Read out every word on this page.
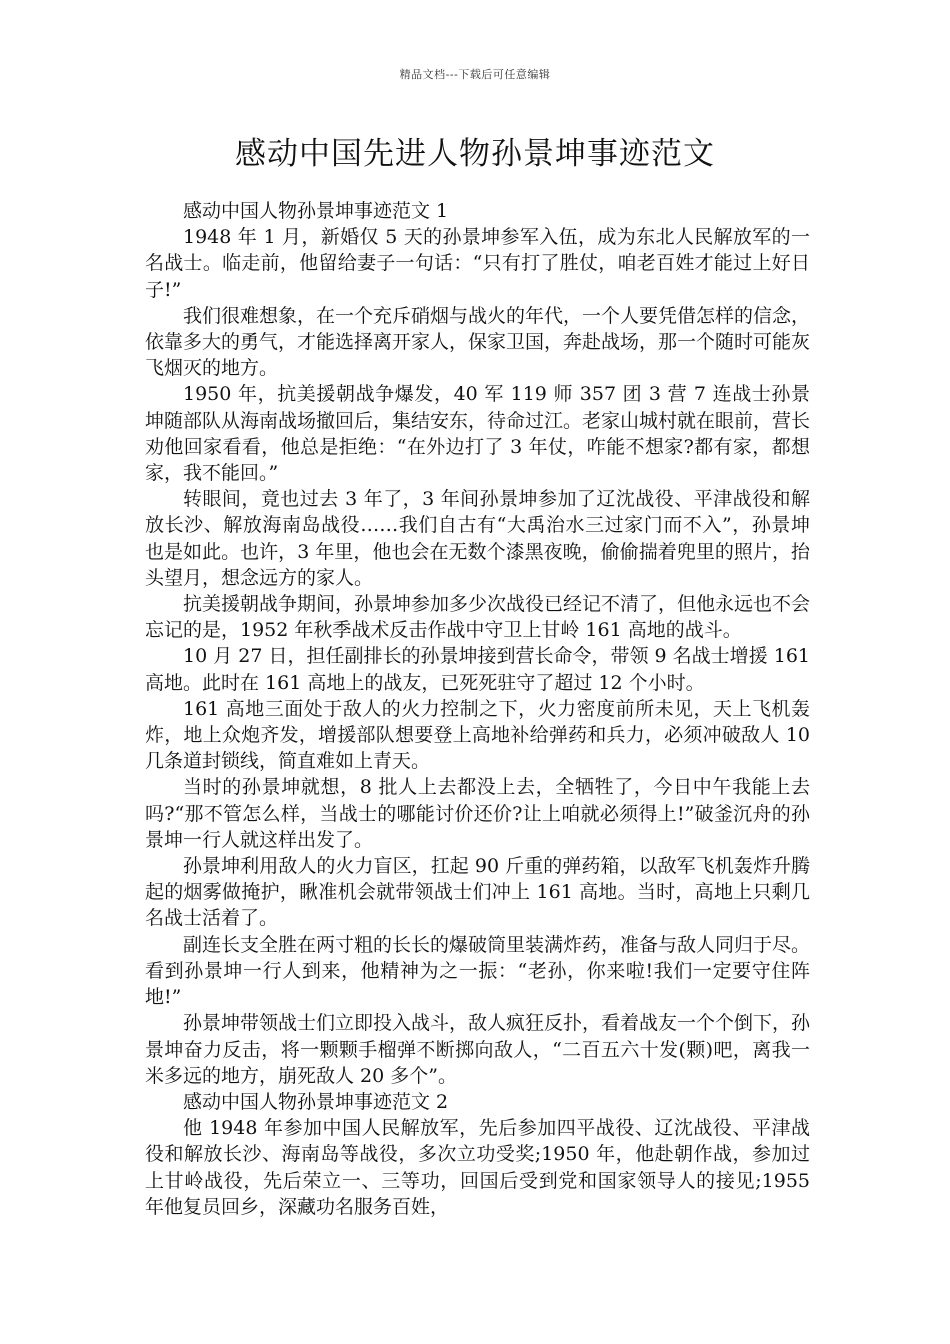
精品文档---下载后可任意编辑
感动中国先进人物孙景坤事迹范文

感动中国人物孙景坤事迹范文 1

1948 年 1 月，新婚仅 5 天的孙景坤参军入伍，成为东北人民解放军的一名战士。临走前，他留给妻子一句话：“只有打了胜仗，咱老百姓才能过上好日子!”

我们很难想象，在一个充斥硝烟与战火的年代，一个人要凭借怎样的信念，依靠多大的勇气，才能选择离开家人，保家卫国，奔赴战场，那一个随时可能灰飞烟灭的地方。

1950 年，抗美援朝战争爆发，40 军 119 师 357 团 3 营 7 连战士孙景坤随部队从海南战场撤回后，集结安东，待命过江。老家山城村就在眼前，营长劝他回家看看，他总是拒绝：“在外边打了 3 年仗，咋能不想家?都有家，都想家，我不能回。”

转眼间，竟也过去 3 年了，3 年间孙景坤参加了辽沈战役、平津战役和解放长沙、解放海南岛战役……我们自古有“大禹治水三过家门而不入”，孙景坤也是如此。也许，3 年里，他也会在无数个漆黑夜晚，偷偷揣着兜里的照片，抬头望月，想念远方的家人。

抗美援朝战争期间，孙景坤参加多少次战役已经记不清了，但他永远也不会忘记的是，1952 年秋季战术反击作战中守卫上甘岭 161 高地的战斗。

10 月 27 日，担任副排长的孙景坤接到营长命令，带领 9 名战士增援 161 高地。此时在 161 高地上的战友，已死死驻守了超过 12 个小时。

161 高地三面处于敌人的火力控制之下，火力密度前所未见，天上飞机轰炸，地上众炮齐发，增援部队想要登上高地补给弹药和兵力，必须冲破敌人 10 几条道封锁线，简直难如上青天。

当时的孙景坤就想，8 批人上去都没上去，全牺牲了，今日中午我能上去吗?“那不管怎么样，当战士的哪能讨价还价?让上咱就必须得上!”破釜沉舟的孙景坤一行人就这样出发了。

孙景坤利用敌人的火力盲区，扛起 90 斤重的弹药箱，以敌军飞机轰炸升腾起的烟雾做掩护，瞅准机会就带领战士们冲上 161 高地。当时，高地上只剩几名战士活着了。

副连长支全胜在两寸粗的长长的爆破筒里装满炸药，准备与敌人同归于尽。看到孙景坤一行人到来，他精神为之一振：“老孙，你来啦!我们一定要守住阵地!”

孙景坤带领战士们立即投入战斗，敌人疯狂反扑，看着战友一个个倒下，孙景坤奋力反击，将一颗颗手榴弹不断掷向敌人，“二百五六十发(颗)吧，离我一米多远的地方，崩死敌人 20 多个”。

感动中国人物孙景坤事迹范文 2

他 1948 年参加中国人民解放军，先后参加四平战役、辽沈战役、平津战役和解放长沙、海南岛等战役，多次立功受奖;1950 年，他赴朝作战，参加过上甘岭战役，先后荣立一、三等功，回国后受到党和国家领导人的接见;1955 年他复员回乡，深藏功名服务百姓，
